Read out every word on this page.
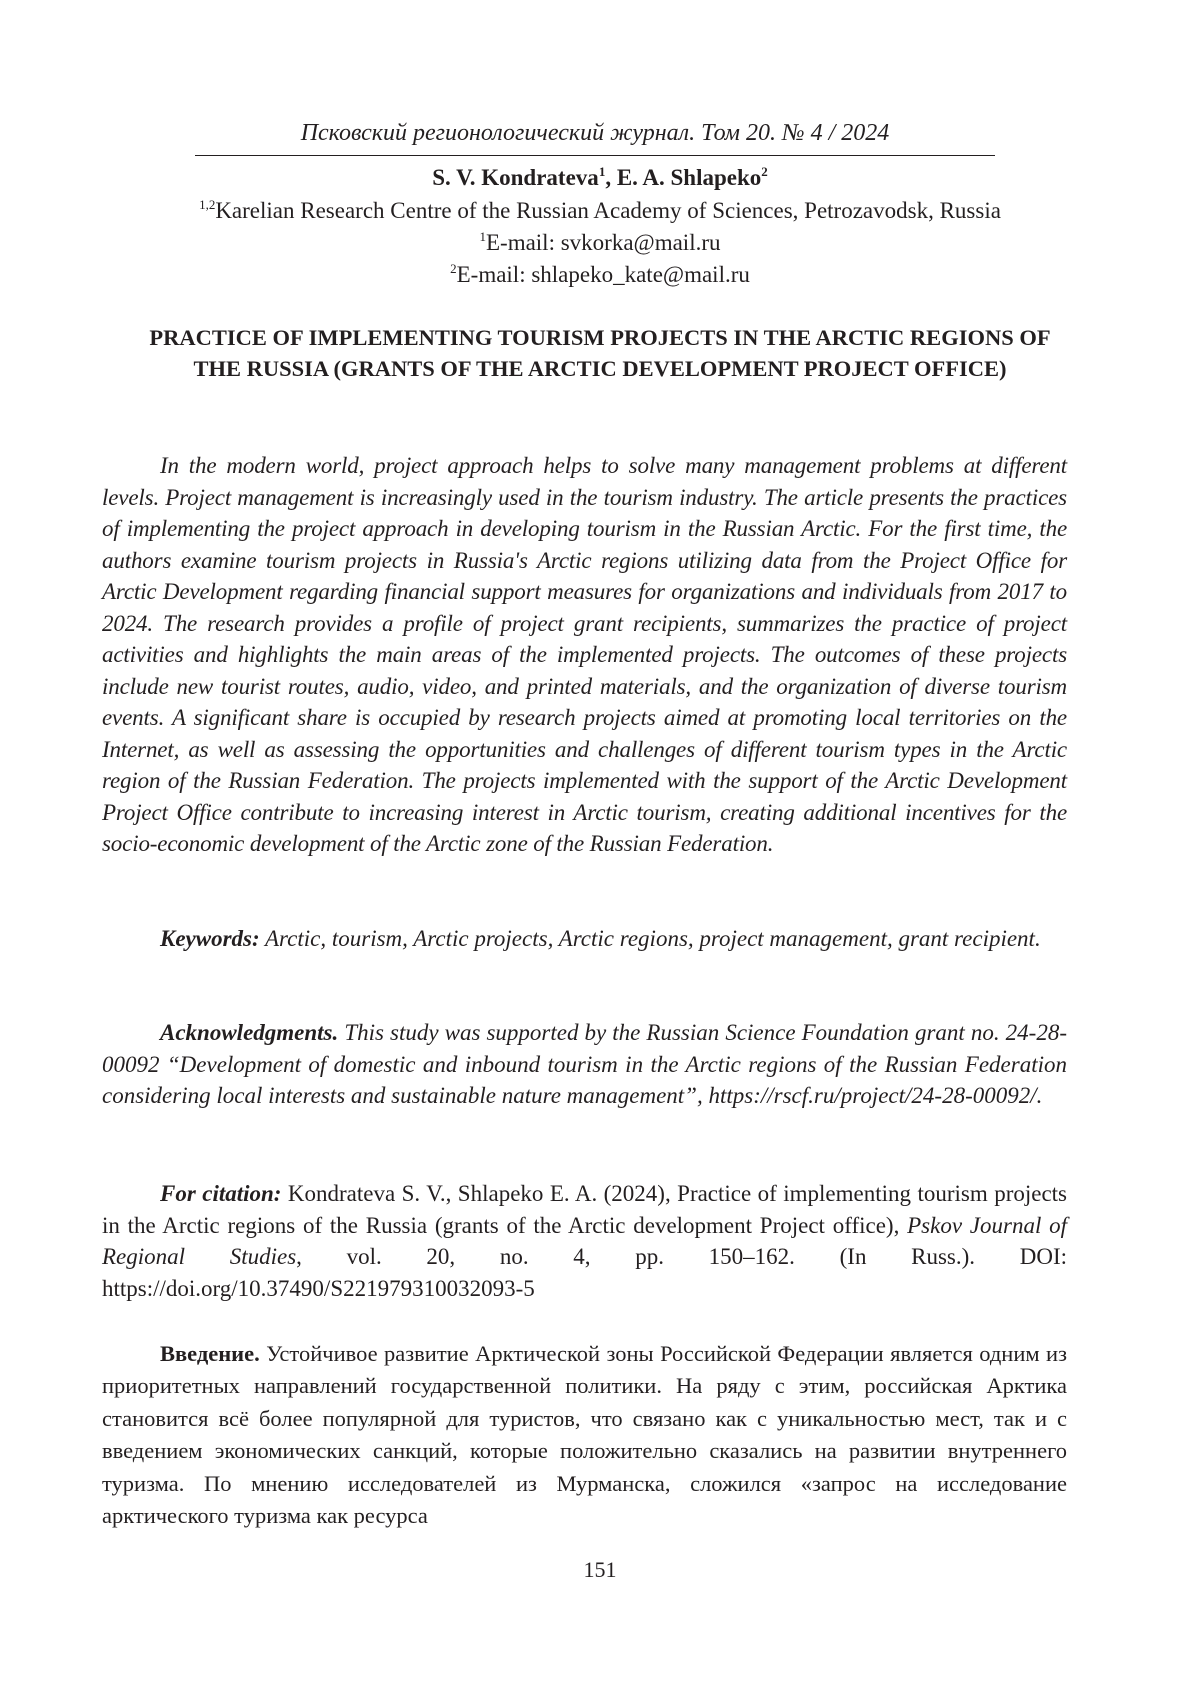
Псковский регионологический журнал. Том 20. № 4 / 2024
S. V. Kondrateva$^1$, E. A. Shlapeko$^2$
$^{1,2}$Karelian Research Centre of the Russian Academy of Sciences, Petrozavodsk, Russia
$^1$E-mail: svkorka@mail.ru
$^2$E-mail: shlapeko_kate@mail.ru
PRACTICE OF IMPLEMENTING TOURISM PROJECTS IN THE ARCTIC REGIONS OF THE RUSSIA (GRANTS OF THE ARCTIC DEVELOPMENT PROJECT OFFICE)
In the modern world, project approach helps to solve many management problems at different levels. Project management is increasingly used in the tourism industry. The article presents the practices of implementing the project approach in developing tourism in the Russian Arctic. For the first time, the authors examine tourism projects in Russia's Arctic regions utilizing data from the Project Office for Arctic Development regarding financial support measures for organizations and individuals from 2017 to 2024. The research provides a profile of project grant recipients, summarizes the practice of project activities and highlights the main areas of the implemented projects. The outcomes of these projects include new tourist routes, audio, video, and printed materials, and the organization of diverse tourism events. A significant share is occupied by research projects aimed at promoting local territories on the Internet, as well as assessing the opportunities and challenges of different tourism types in the Arctic region of the Russian Federation. The projects implemented with the support of the Arctic Development Project Office contribute to increasing interest in Arctic tourism, creating additional incentives for the socio-economic development of the Arctic zone of the Russian Federation.
Keywords: Arctic, tourism, Arctic projects, Arctic regions, project management, grant recipient.
Acknowledgments. This study was supported by the Russian Science Foundation grant no. 24-28-00092 “Development of domestic and inbound tourism in the Arctic regions of the Russian Federation considering local interests and sustainable nature management”, https://rscf.ru/project/24-28-00092/.
For citation: Kondrateva S. V., Shlapeko E. A. (2024), Practice of implementing tourism projects in the Arctic regions of the Russia (grants of the Arctic development Project office), Pskov Journal of Regional Studies, vol. 20, no. 4, pp. 150–162. (In Russ.). DOI: https://doi.org/10.37490/S221979310032093-5
Введение. Устойчивое развитие Арктической зоны Российской Федерации является одним из приоритетных направлений государственной политики. На ряду с этим, российская Арктика становится всё более популярной для туристов, что связано как с уникальностью мест, так и с введением экономических санкций, которые положительно сказались на развитии внутреннего туризма. По мнению исследователей из Мурманска, сложился «запрос на исследование арктического туризма как ресурса
151
